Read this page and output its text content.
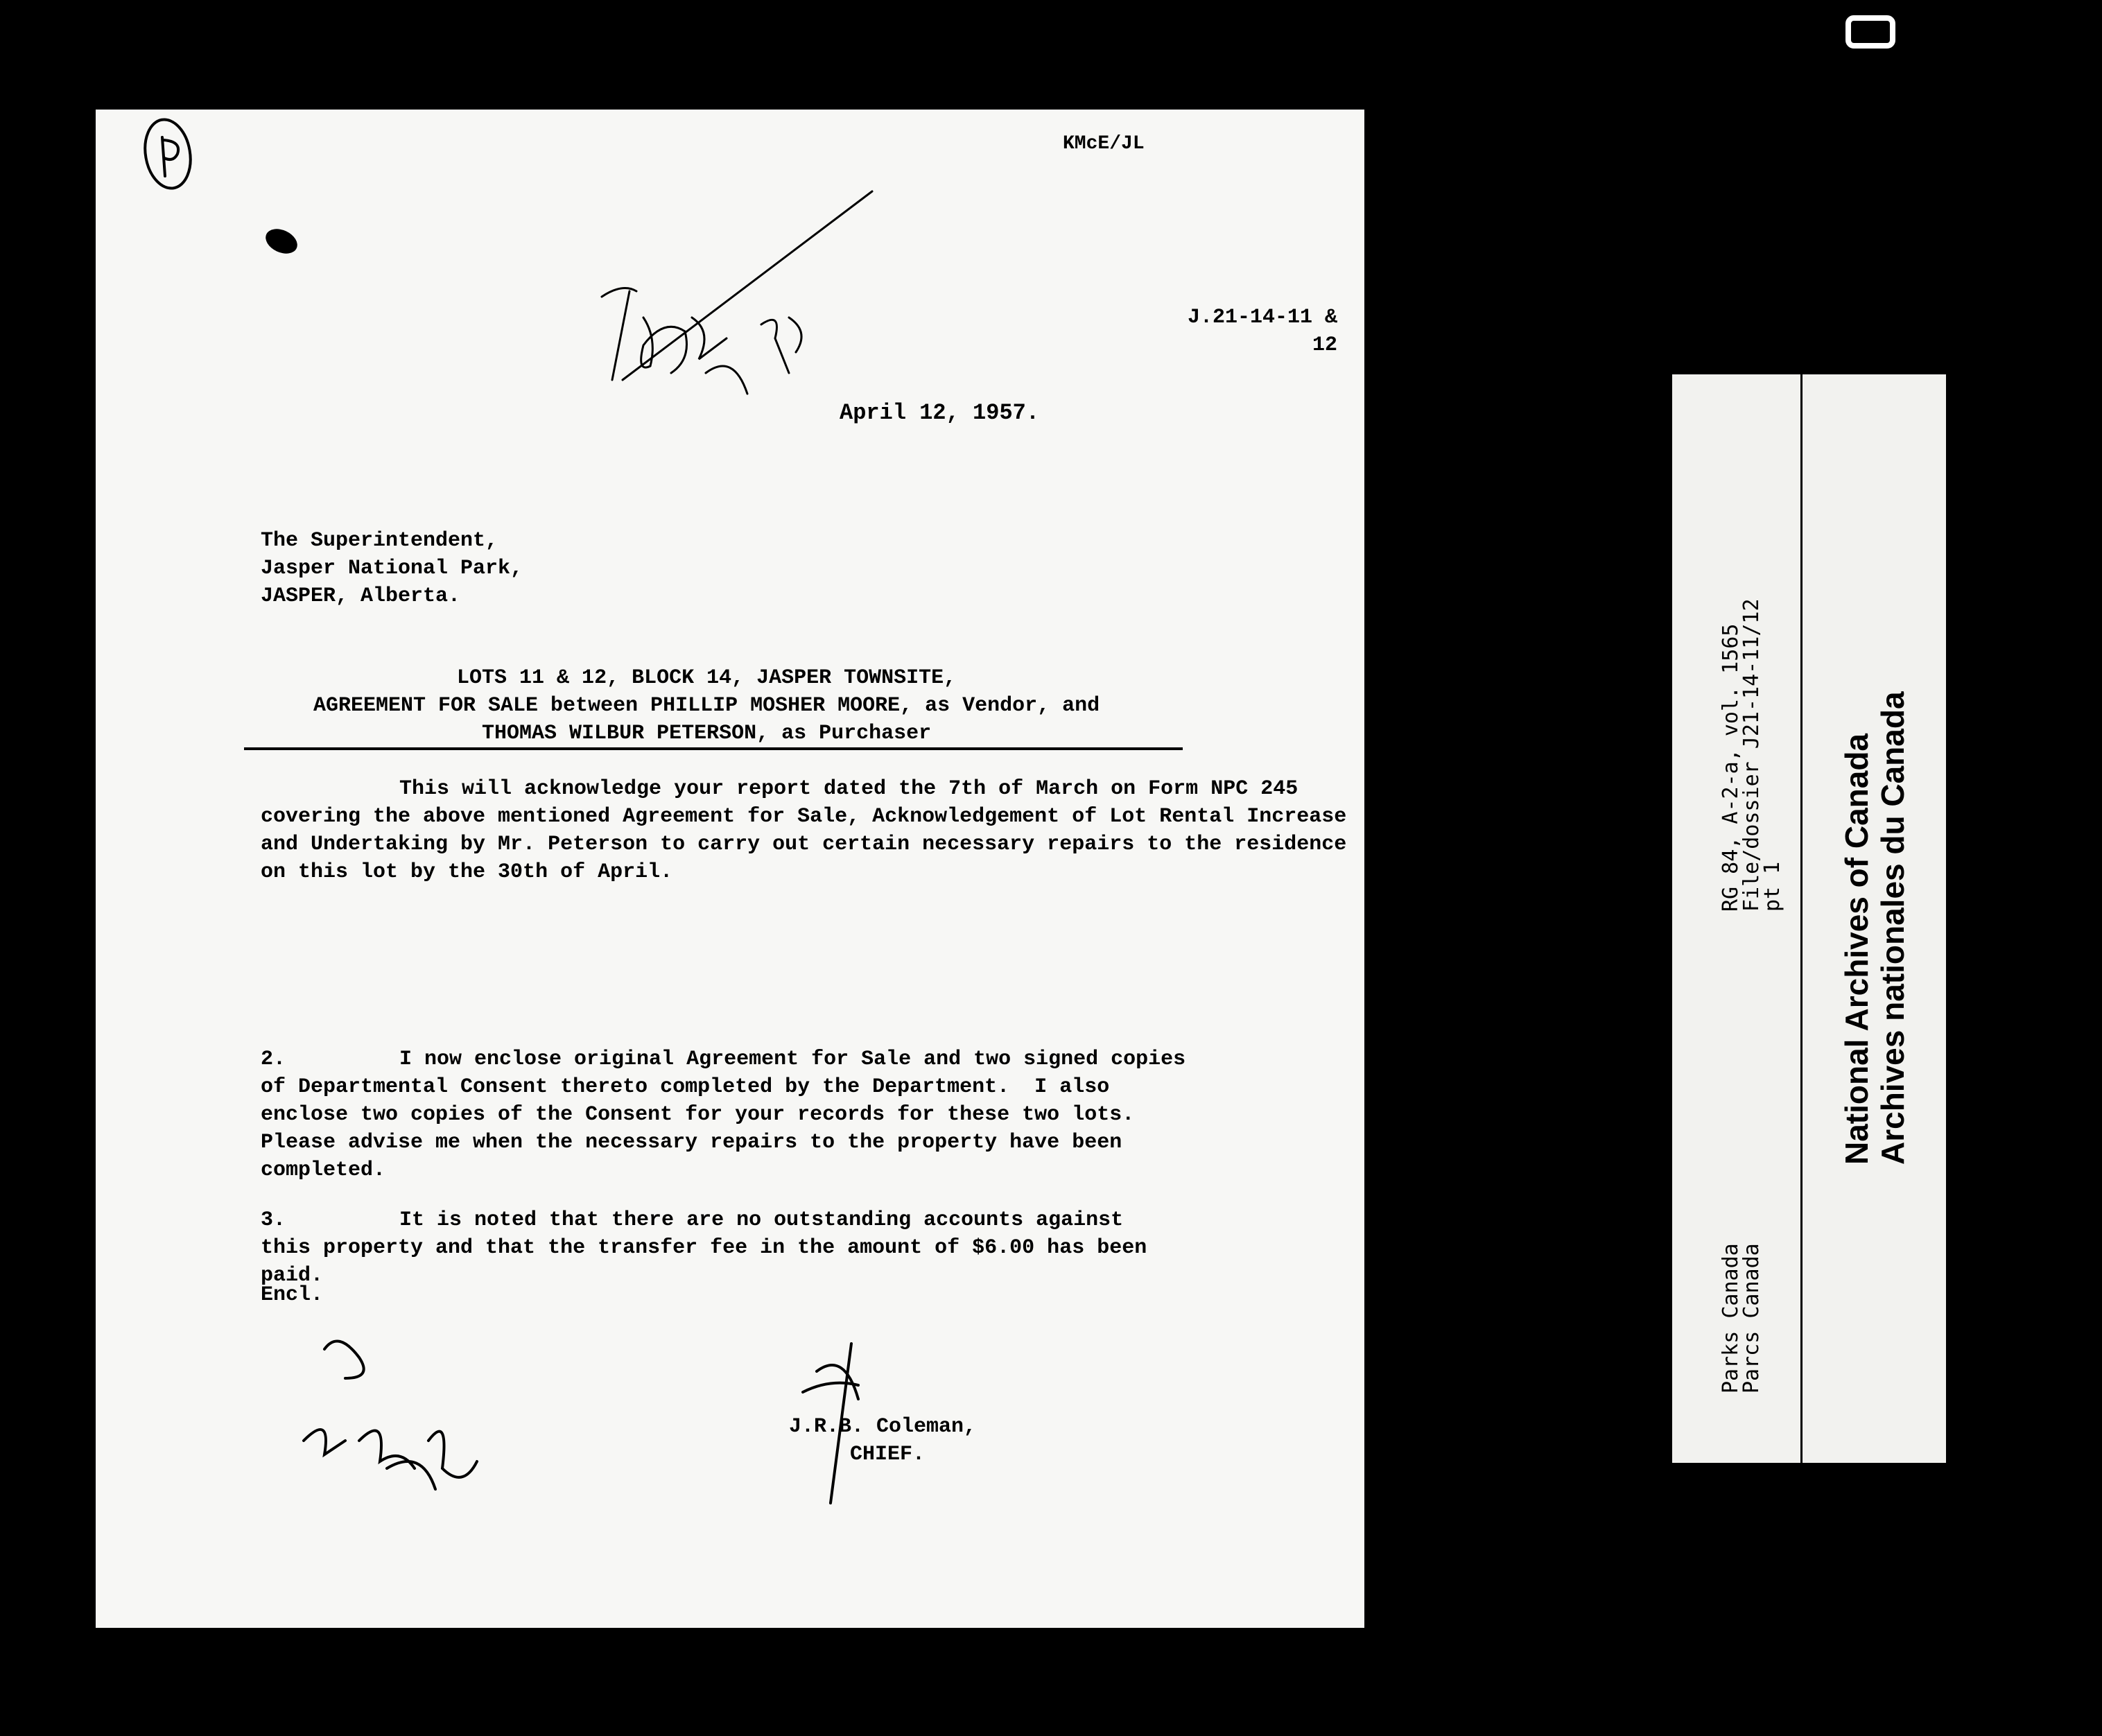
KMcE/JL
J.21-14-11 &
12
April 12, 1957.
The Superintendent,
Jasper National Park,
JASPER, Alberta.
LOTS 11 & 12, BLOCK 14, JASPER TOWNSITE,
AGREEMENT FOR SALE between PHILLIP MOSHER MOORE, as Vendor, and
THOMAS WILBUR PETERSON, as Purchaser
This will acknowledge your report dated the 7th of March on Form NPC 245 covering the above mentioned Agreement for Sale, Acknowledgement of Lot Rental Increase and Undertaking by Mr. Peterson to carry out certain necessary repairs to the residence on this lot by the 30th of April.
2.	I now enclose original Agreement for Sale and two signed copies
of Departmental Consent thereto completed by the Department.  I also
enclose two copies of the Consent for your records for these two lots.
Please advise me when the necessary repairs to the property have been
completed.
3.	It is noted that there are no outstanding accounts against
this property and that the transfer fee in the amount of $6.00 has been
paid.
Encl.
J.R.B. Coleman,
CHIEF.
RG 84, A-2-a, vol. 1565
File/dossier J21-14-11/12
pt 1
Parks Canada
Parcs Canada
National Archives of Canada Archives nationales du Canada
